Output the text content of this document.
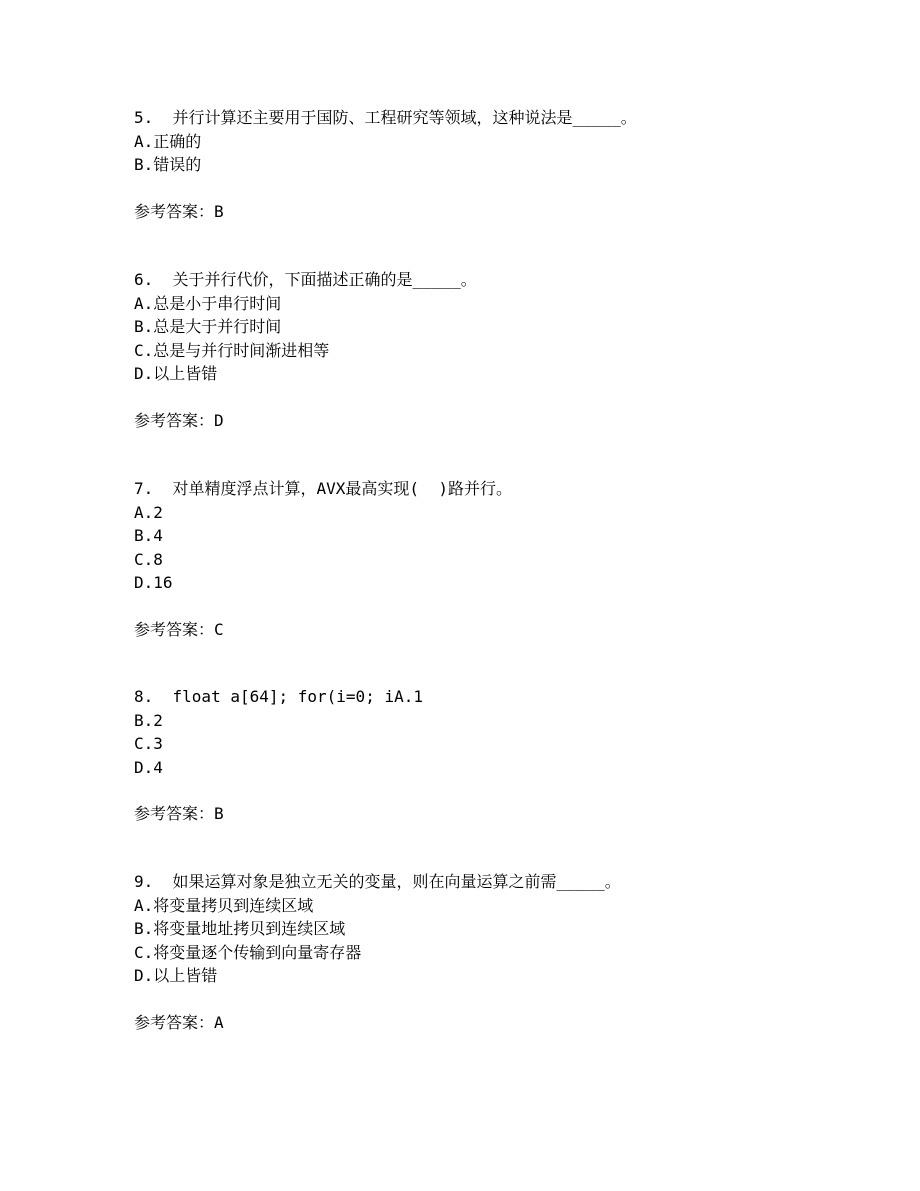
5.  并行计算还主要用于国防、工程研究等领域，这种说法是_____。
A.正确的
B.错误的
参考答案：B
6.  关于并行代价，下面描述正确的是_____。
A.总是小于串行时间
B.总是大于并行时间
C.总是与并行时间渐进相等
D.以上皆错
参考答案：D
7.  对单精度浮点计算，AVX最高实现(  )路并行。
A.2
B.4
C.8
D.16
参考答案：C
8.  float a[64]; for(i=0; iA.1
B.2
C.3
D.4
参考答案：B
9.  如果运算对象是独立无关的变量，则在向量运算之前需_____。
A.将变量拷贝到连续区域
B.将变量地址拷贝到连续区域
C.将变量逐个传输到向量寄存器
D.以上皆错
参考答案：A
